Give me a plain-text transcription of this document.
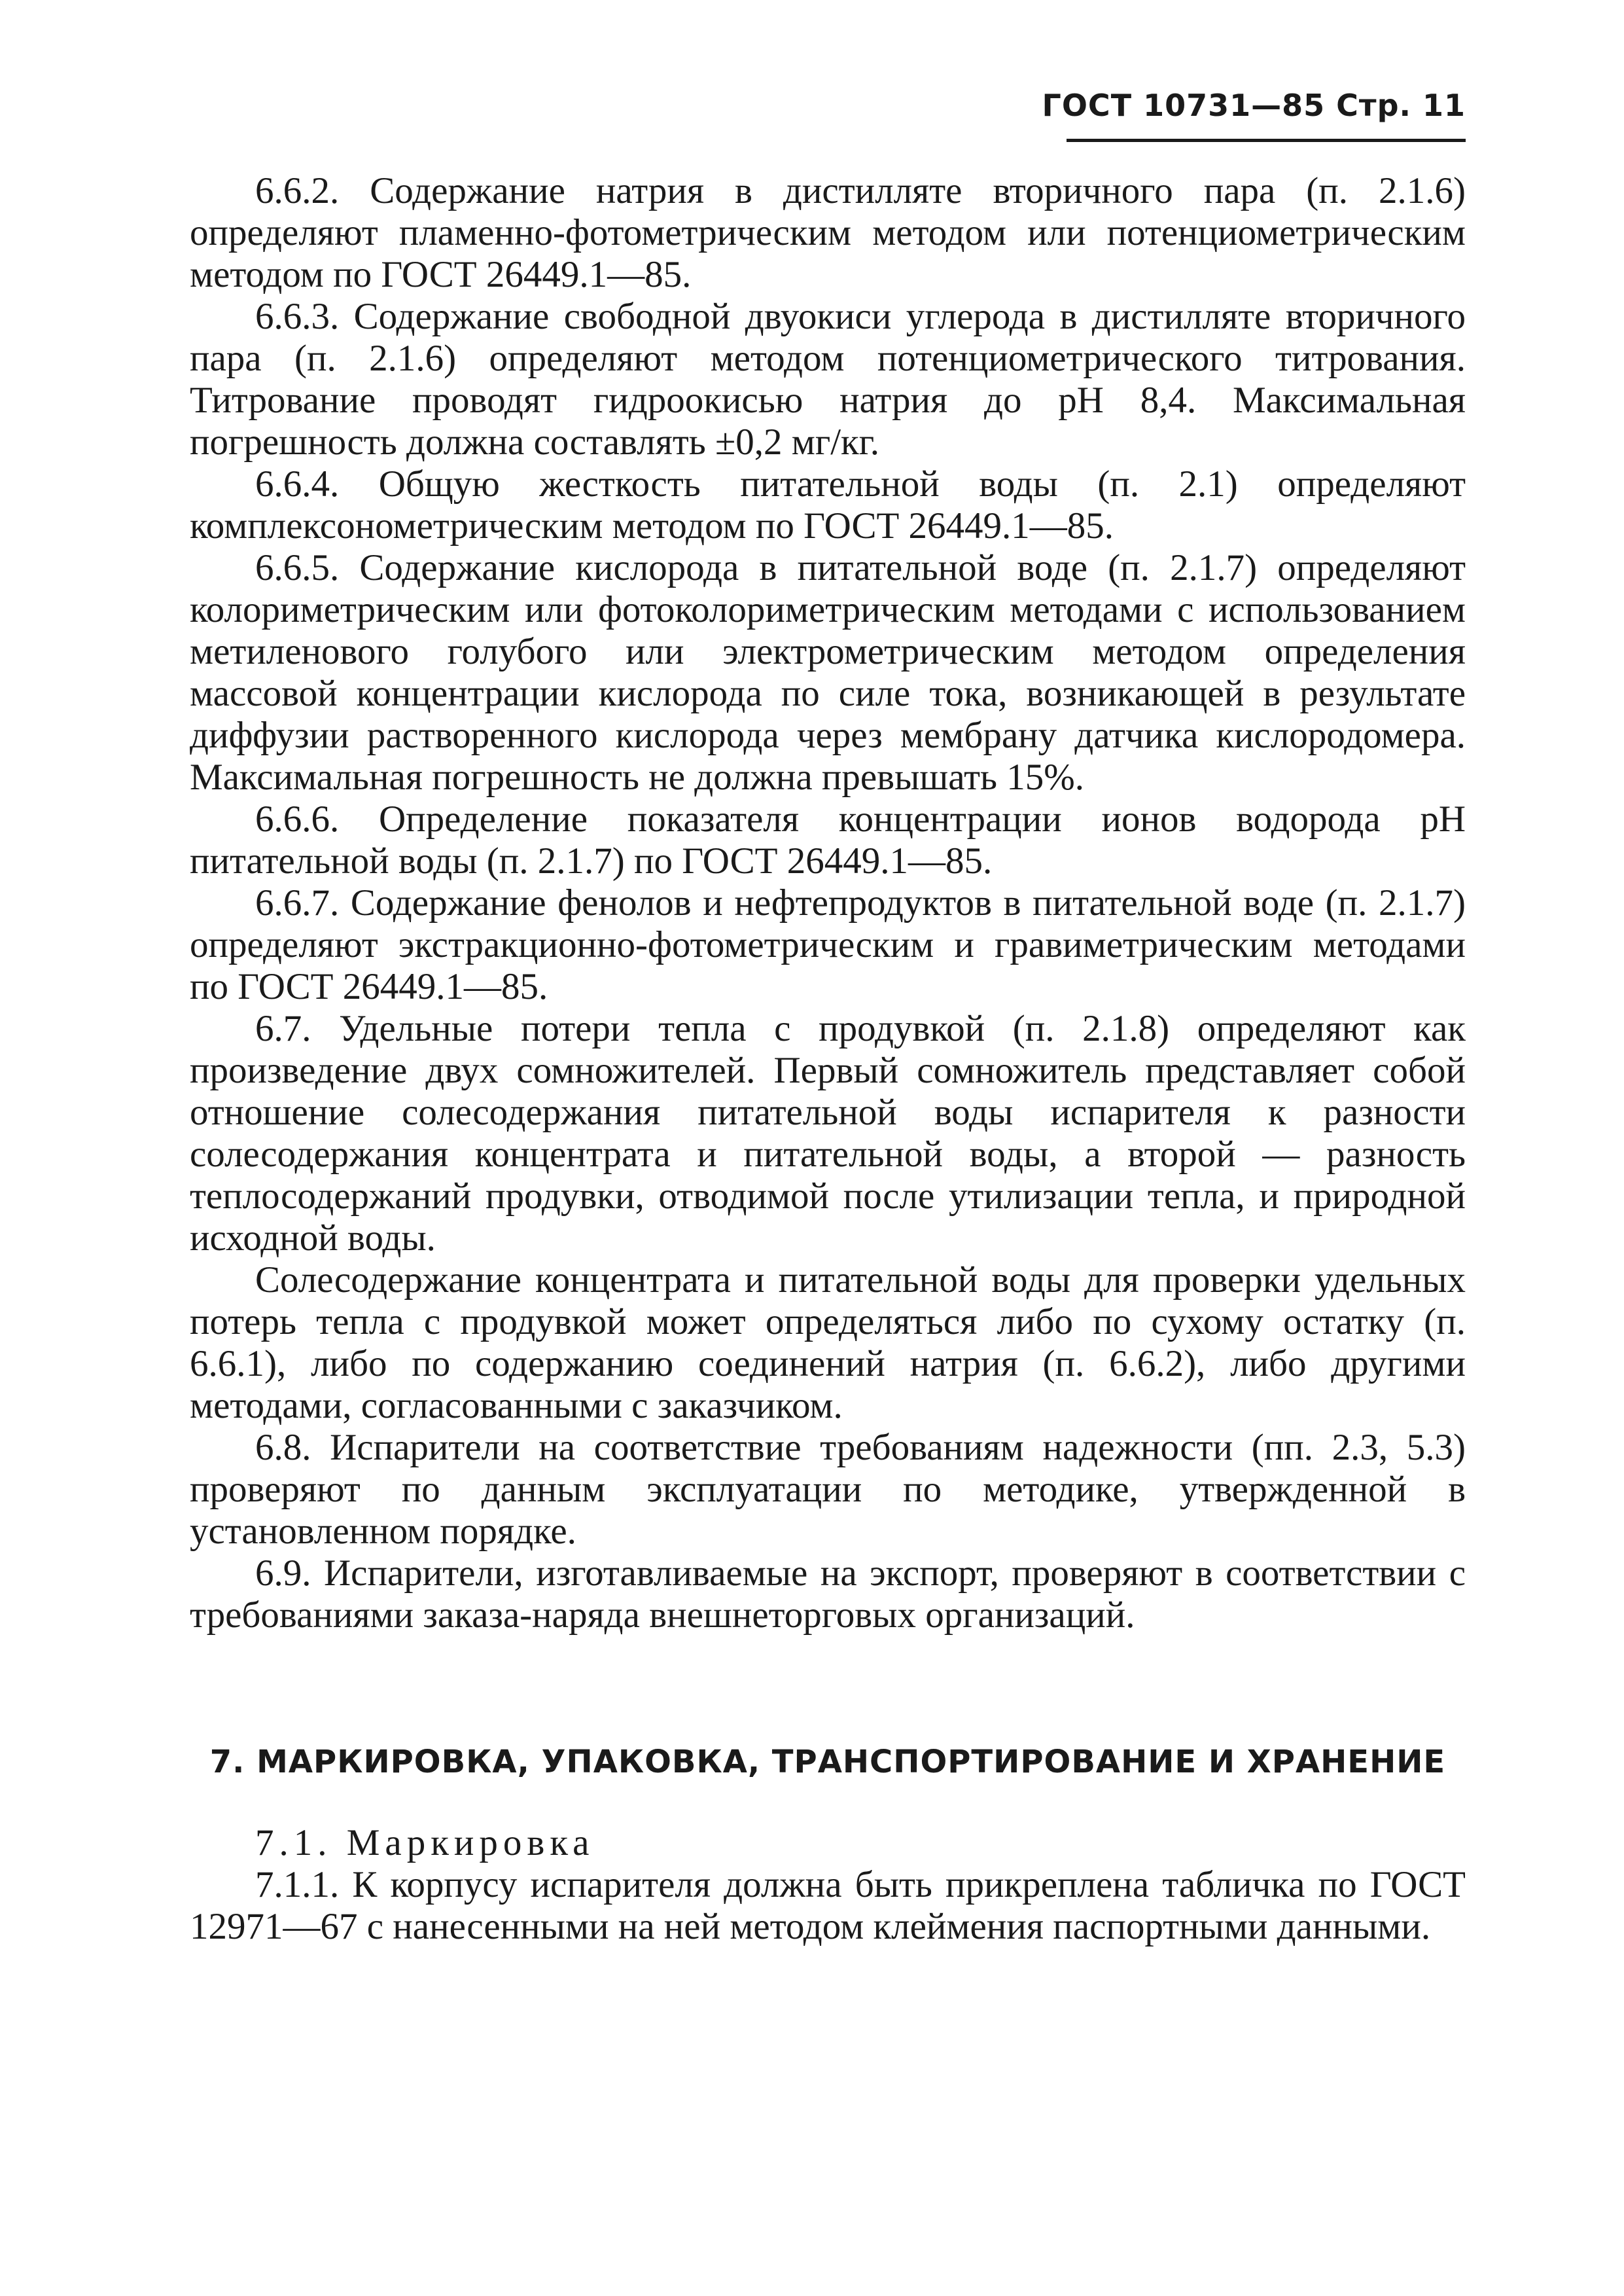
ГОСТ 10731—85 Стр. 11

6.6.2. Содержание натрия в дистилляте вторичного пара (п. 2.1.6) определяют пламенно-фотометрическим методом или потенциометрическим методом по ГОСТ 26449.1—85.

6.6.3. Содержание свободной двуокиси углерода в дистилляте вторичного пара (п. 2.1.6) определяют методом потенциометрического титрования. Титрование проводят гидроокисью натрия до рН 8,4. Максимальная погрешность должна составлять ±0,2 мг/кг.

6.6.4. Общую жесткость питательной воды (п. 2.1) определяют комплексонометрическим методом по ГОСТ 26449.1—85.

6.6.5. Содержание кислорода в питательной воде (п. 2.1.7) определяют колориметрическим или фотоколориметрическим методами с использованием метиленового голубого или электрометрическим методом определения массовой концентрации кислорода по силе тока, возникающей в результате диффузии растворенного кислорода через мембрану датчика кислородомера. Максимальная погрешность не должна превышать 15%.

6.6.6. Определение показателя концентрации ионов водорода рН питательной воды (п. 2.1.7) по ГОСТ 26449.1—85.

6.6.7. Содержание фенолов и нефтепродуктов в питательной воде (п. 2.1.7) определяют экстракционно-фотометрическим и гравиметрическим методами по ГОСТ 26449.1—85.

6.7. Удельные потери тепла с продувкой (п. 2.1.8) определяют как произведение двух сомножителей. Первый сомножитель представляет собой отношение солесодержания питательной воды испарителя к разности солесодержания концентрата и питательной воды, а второй — разность теплосодержаний продувки, отводимой после утилизации тепла, и природной исходной воды.

Солесодержание концентрата и питательной воды для проверки удельных потерь тепла с продувкой может определяться либо по сухому остатку (п. 6.6.1), либо по содержанию соединений натрия (п. 6.6.2), либо другими методами, согласованными с заказчиком.

6.8. Испарители на соответствие требованиям надежности (пп. 2.3, 5.3) проверяют по данным эксплуатации по методике, утвержденной в установленном порядке.

6.9. Испарители, изготавливаемые на экспорт, проверяют в соответствии с требованиями заказа-наряда внешнеторговых организаций.

7. МАРКИРОВКА, УПАКОВКА, ТРАНСПОРТИРОВАНИЕ И ХРАНЕНИЕ

7.1. Маркировка

7.1.1. К корпусу испарителя должна быть прикреплена табличка по ГОСТ 12971—67 с нанесенными на ней методом клеймения паспортными данными.
